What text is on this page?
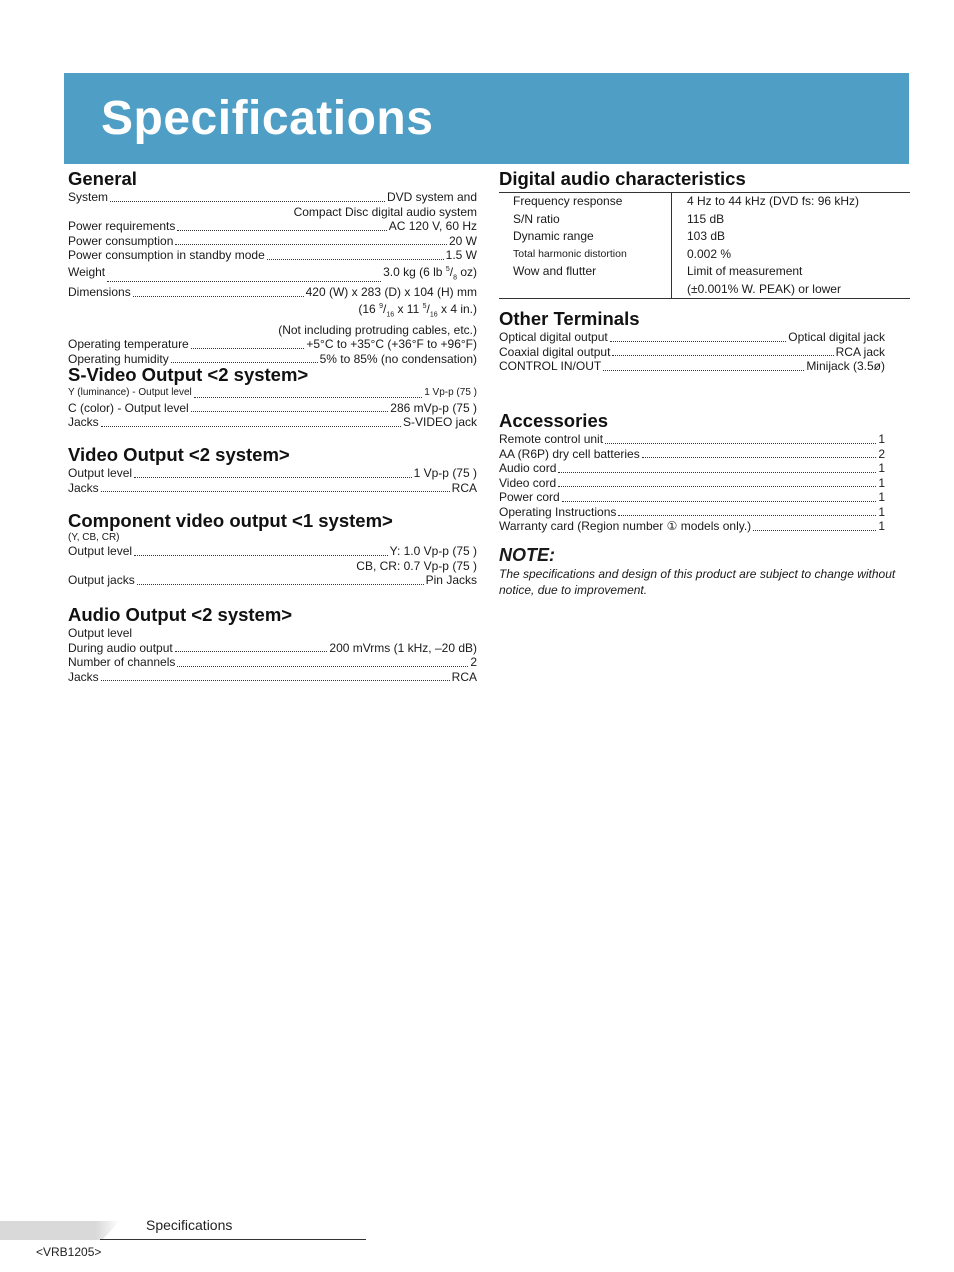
Specifications
General
System	DVD system and
Compact Disc digital audio system
Power requirements	AC 120 V, 60 Hz
Power consumption	20 W
Power consumption in standby mode	1.5 W
Weight	3.0 kg (6 lb $^5/_8$ oz)
Dimensions	420 (W) x 283 (D) x 104 (H) mm
(16 $^9/_{16}$ x 11 $^5/_{16}$ x 4 in.)
(Not including protruding cables, etc.)
Operating temperature	+5°C to +35°C (+36°F to +96°F)
Operating humidity	5% to 85% (no condensation)
S-Video Output <2 system>
Y (luminance) - Output level	1 Vp-p (75 )
C (color) - Output level	286 mVp-p (75 )
Jacks	S-VIDEO jack
Video Output <2 system>
Output level	1 Vp-p (75 )
Jacks	RCA
Component video output <1 system>
(Y, CB, CR)
Output level	Y: 1.0 Vp-p (75 )
CB, CR: 0.7 Vp-p (75 )
Output jacks	Pin Jacks
Audio Output <2 system>
Output level
During audio output	200 mVrms (1 kHz, –20 dB)
Number of channels	2
Jacks	RCA
Digital audio characteristics
Frequency response	4 Hz to 44 kHz (DVD fs: 96 kHz)
S/N ratio	115 dB
Dynamic range	103 dB
Total harmonic distortion	0.002 %
Wow and flutter	Limit of measurement
(±0.001% W. PEAK) or lower
Other Terminals
Optical digital output	Optical digital jack
Coaxial digital output	RCA jack
CONTROL IN/OUT	Minijack (3.5ø)
Accessories
Remote control unit	1
AA (R6P) dry cell batteries	2
Audio cord	1
Video cord	1
Power cord	1
Operating Instructions	1
Warranty card (Region number ① models only.)	1
NOTE:

The specifications and design of this product are subject to change without notice, due to improvement.

Specifications
<VRB1205>
